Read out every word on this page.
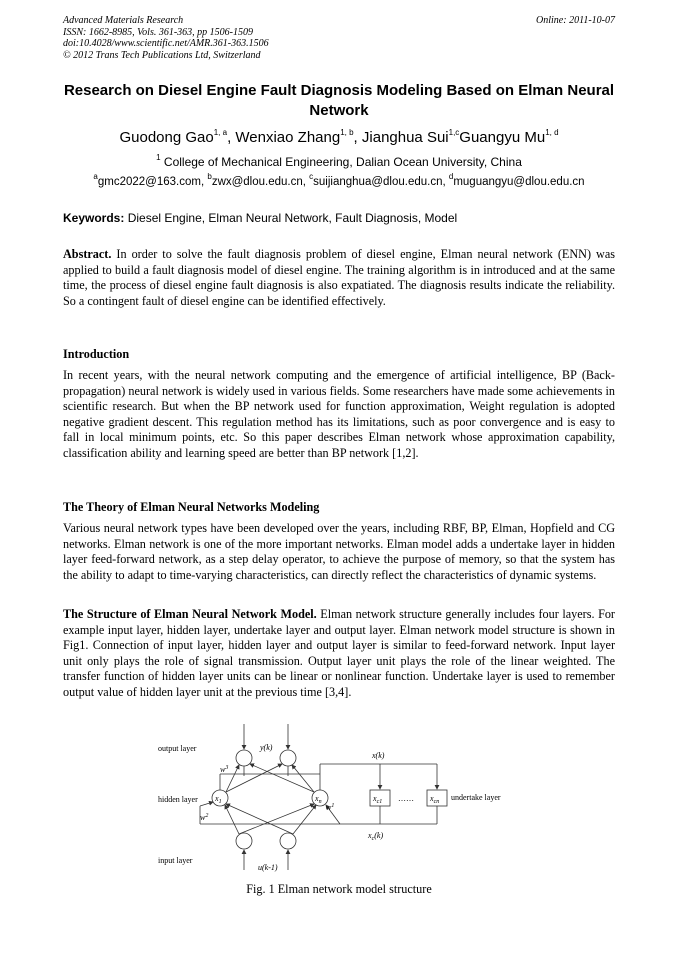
Advanced Materials Research
ISSN: 1662-8985, Vols. 361-363, pp 1506-1509
doi:10.4028/www.scientific.net/AMR.361-363.1506
© 2012 Trans Tech Publications Ltd, Switzerland
Online: 2011-10-07
Research on Diesel Engine Fault Diagnosis Modeling Based on Elman Neural Network
Guodong Gao$^{1, a}$, Wenxiao Zhang$^{1, b}$, Jianghua Sui$^{1,c}$Guangyu Mu$^{1, d}$
$^1$ College of Mechanical Engineering, Dalian Ocean University, China
$^a$gmc2022@163.com, $^b$zwx@dlou.edu.cn, $^c$suijianghua@dlou.edu.cn, $^d$muguangyu@dlou.edu.cn
Keywords: Diesel Engine, Elman Neural Network, Fault Diagnosis, Model

Abstract. In order to solve the fault diagnosis problem of diesel engine, Elman neural network (ENN) was applied to build a fault diagnosis model of diesel engine. The training algorithm is in introduced and at the same time, the process of diesel engine fault diagnosis is also expatiated. The diagnosis results indicate the reliability. So a contingent fault of diesel engine can be identified effectively.

Introduction

In recent years, with the neural network computing and the emergence of artificial intelligence, BP (Back-propagation) neural network is widely used in various fields. Some researchers have made some achievements in scientific research. But when the BP network used for function approximation, Weight regulation is adopted negative gradient descent. This regulation method has its limitations, such as poor convergence and is easy to fall in local minimum points, etc. So this paper describes Elman network whose approximation capability, classification ability and learning speed are better than BP network [1,2].

The Theory of Elman Neural Networks Modeling

Various neural network types have been developed over the years, including RBF, BP, Elman, Hopfield and CG networks. Elman network is one of the more important networks. Elman model adds a undertake layer in hidden layer feed-forward network, as a step delay operator, to achieve the purpose of memory, so that the system has the ability to adapt to time-varying characteristics, can directly reflect the characteristics of dynamic systems.

The Structure of Elman Neural Network Model. Elman network structure generally includes four layers. For example input layer, hidden layer, undertake layer and output layer. Elman network model structure is shown in Fig1. Connection of input layer, hidden layer and output layer is similar to feed-forward network. Input layer unit only plays the role of signal transmission. Output layer unit plays the role of the linear weighted. The transfer function of hidden layer units can be linear or nonlinear function. Undertake layer is used to remember output value of hidden layer unit at the previous time [3,4].

output layer
hidden layer
input layer
undertake layer
y(k)
x(k)
$x_c(k)$
u(k-1)
$w^3$
$w^1$
$w^2$
$x_1$	$x_n$	$x_{c1}$	$x_{cn}$
……
Fig. 1 Elman network model structure
